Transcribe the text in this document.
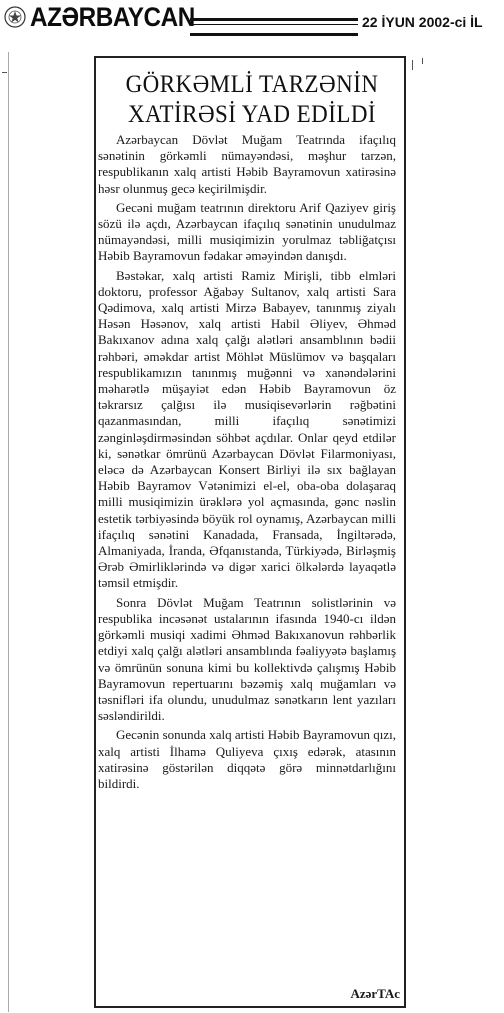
AZƏRBAYCAN	22 İYUN 2002-ci İL
GÖRKƏMLİ TARZƏNİN
XATİRƏSİ YAD EDİLDİ

Azərbaycan Dövlət Muğam Teatrında ifaçılıq sənətinin görkəmli nümayəndəsi, məşhur tarzən, respublikanın xalq artisti Həbib Bayramovun xatirəsinə həsr olunmuş gecə keçirilmişdir.

Gecəni muğam teatrının direktoru Arif Qaziyev giriş sözü ilə açdı, Azərbaycan ifaçılıq sənətinin unudulmaz nümayəndəsi, milli musiqimizin yorulmaz təbliğatçısı Həbib Bayramovun fədakar əməyindən danışdı.

Bəstəkar, xalq artisti Ramiz Mirişli, tibb elmləri doktoru, professor Ağabəy Sultanov, xalq artisti Sara Qədimova, xalq artisti Mirzə Babayev, tanınmış ziyalı Həsən Həsənov, xalq artisti Habil Əliyev, Əhməd Bakıxanov adına xalq çalğı alətləri ansamblının bədii rəhbəri, əməkdar artist Möhlət Müslümov və başqaları respublikamızın tanınmış muğənni və xanəndələrini məharətlə müşayiət edən Həbib Bayramovun öz təkrarsız çalğısı ilə musiqisevərlərin rəğbətini qazanmasından, milli ifaçılıq sənətimizi zənginləşdirməsindən söhbət açdılar. Onlar qeyd etdilər ki, sənətkar ömrünü Azərbaycan Dövlət Filarmoniyası, eləcə də Azərbaycan Konsert Birliyi ilə sıx bağlayan Həbib Bayramov Vətənimizi el-el, oba-oba dolaşaraq milli musiqimizin ürəklərə yol açmasında, gənc nəslin estetik tərbiyəsində böyük rol oynamış, Azərbaycan milli ifaçılıq sənətini Kanadada, Fransada, İngiltərədə, Almaniyada, İranda, Əfqanıstanda, Türkiyədə, Birləşmiş Ərəb Əmirliklərində və digər xarici ölkələrdə layaqətlə təmsil etmişdir.

Sonra Dövlət Muğam Teatrının solistlərinin və respublika incəsənət ustalarının ifasında 1940-cı ildən görkəmli musiqi xadimi Əhməd Bakıxanovun rəhbərlik etdiyi xalq çalğı alətləri ansamblında fəaliyyətə başlamış və ömrünün sonuna kimi bu kollektivdə çalışmış Həbib Bayramovun repertuarını bəzəmiş xalq muğamları və təsnifləri ifa olundu, unudulmaz sənətkarın lent yazıları səsləndirildi.

Gecənin sonunda xalq artisti Həbib Bayramovun qızı, xalq artisti İlhamə Quliyeva çıxış edərək, atasının xatirəsinə göstərilən diqqətə görə minnətdarlığını bildirdi.

AzərTAc
